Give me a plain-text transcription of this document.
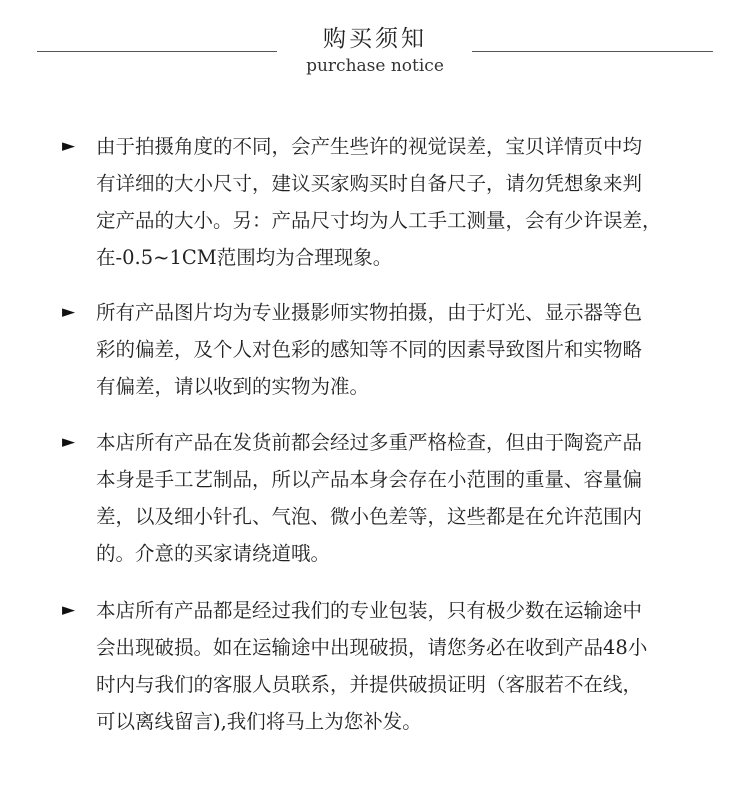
购买须知
purchase notice
► 由于拍摄角度的不同，会产生些许的视觉误差，宝贝详情页中均
有详细的大小尺寸，建议买家购买时自备尺子，请勿凭想象来判
定产品的大小。另：产品尺寸均为人工手工测量，会有少许误差，
在-0.5~1CM范围均为合理现象。
► 所有产品图片均为专业摄影师实物拍摄，由于灯光、显示器等色
彩的偏差，及个人对色彩的感知等不同的因素导致图片和实物略
有偏差，请以收到的实物为准。
► 本店所有产品在发货前都会经过多重严格检查，但由于陶瓷产品
本身是手工艺制品，所以产品本身会存在小范围的重量、容量偏
差，以及细小针孔、气泡、微小色差等，这些都是在允许范围内
的。介意的买家请绕道哦。
► 本店所有产品都是经过我们的专业包装，只有极少数在运输途中
会出现破损。如在运输途中出现破损，请您务必在收到产品48小
时内与我们的客服人员联系，并提供破损证明（客服若不在线，
可以离线留言),我们将马上为您补发。
